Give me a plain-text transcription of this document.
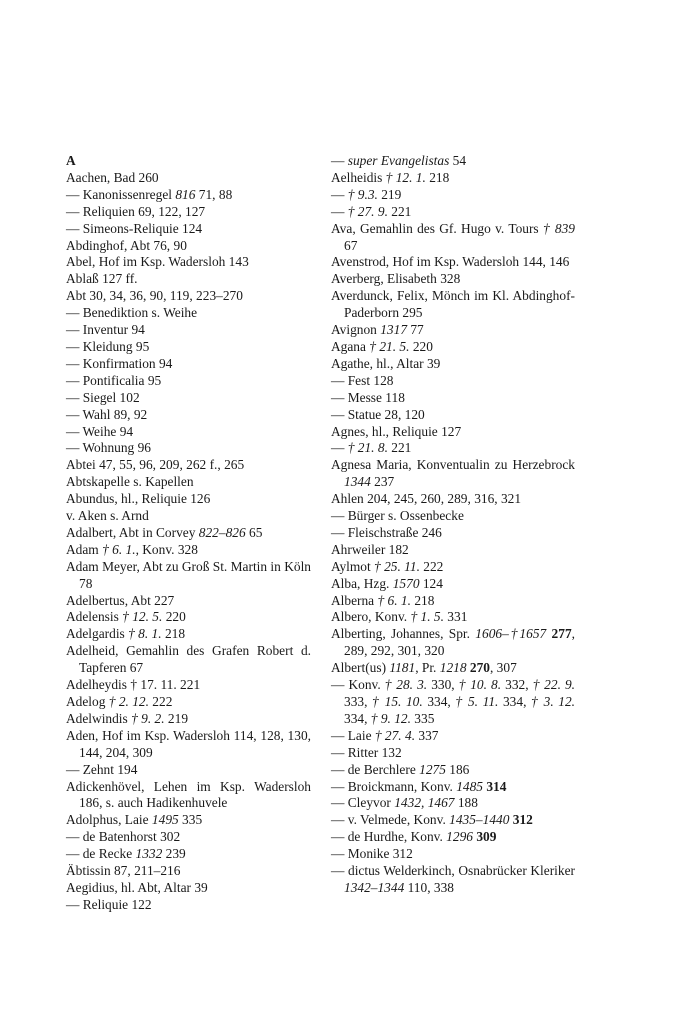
A
Aachen, Bad 260
— Kanonissenregel 816 71, 88
— Reliquien 69, 122, 127
— Simeons-Reliquie 124
Abdinghof, Abt 76, 90
Abel, Hof im Ksp. Wadersloh 143
Ablaß 127 ff.
Abt 30, 34, 36, 90, 119, 223–270
— Benediktion s. Weihe
— Inventur 94
— Kleidung 95
— Konfirmation 94
— Pontificalia 95
— Siegel 102
— Wahl 89, 92
— Weihe 94
— Wohnung 96
Abtei 47, 55, 96, 209, 262 f., 265
Abtskapelle s. Kapellen
Abundus, hl., Reliquie 126
v. Aken s. Arnd
Adalbert, Abt in Corvey 822–826 65
Adam † 6. 1., Konv. 328
Adam Meyer, Abt zu Groß St. Martin in Köln 78
Adelbertus, Abt 227
Adelensis † 12. 5. 220
Adelgardis † 8. 1. 218
Adelheid, Gemahlin des Grafen Robert d. Tapferen 67
Adelheydis † 17. 11. 221
Adelog † 2. 12. 222
Adelwindis † 9. 2. 219
Aden, Hof im Ksp. Wadersloh 114, 128, 130, 144, 204, 309
— Zehnt 194
Adickenhövel, Lehen im Ksp. Wadersloh 186, s. auch Hadikenhuvele
Adolphus, Laie 1495 335
— de Batenhorst 302
— de Recke 1332 239
Äbtissin 87, 211–216
Aegidius, hl. Abt, Altar 39
— Reliquie 122
— super Evangelistas 54
Aelheidis † 12. 1. 218
— † 9.3. 219
— † 27. 9. 221
Ava, Gemahlin des Gf. Hugo v. Tours † 839 67
Avenstrod, Hof im Ksp. Wadersloh 144, 146
Averberg, Elisabeth 328
Averdunck, Felix, Mönch im Kl. Abdinghof-Paderborn 295
Avignon 1317 77
Agana † 21. 5. 220
Agathe, hl., Altar 39
— Fest 128
— Messe 118
— Statue 28, 120
Agnes, hl., Reliquie 127
— † 21. 8. 221
Agnesa Maria, Konventualin zu Herzebrock 1344 237
Ahlen 204, 245, 260, 289, 316, 321
— Bürger s. Ossenbecke
— Fleischstraße 246
Ahrweiler 182
Aylmot † 25. 11. 222
Alba, Hzg. 1570 124
Alberna † 6. 1. 218
Albero, Konv. † 1. 5. 331
Alberting, Johannes, Spr. 1606–†1657 277, 289, 292, 301, 320
Albert(us) 1181, Pr. 1218 270, 307
— Konv. † 28. 3. 330, † 10. 8. 332, † 22. 9. 333, † 15. 10. 334, † 5. 11. 334, † 3. 12. 334, † 9. 12. 335
— Laie † 27. 4. 337
— Ritter 132
— de Berchlere 1275 186
— Broickmann, Konv. 1485 314
— Cleyvor 1432, 1467 188
— v. Velmede, Konv. 1435–1440 312
— de Hurdhe, Konv. 1296 309
— Monike 312
— dictus Welderkinch, Osnabrücker Kleriker 1342–1344 110, 338
